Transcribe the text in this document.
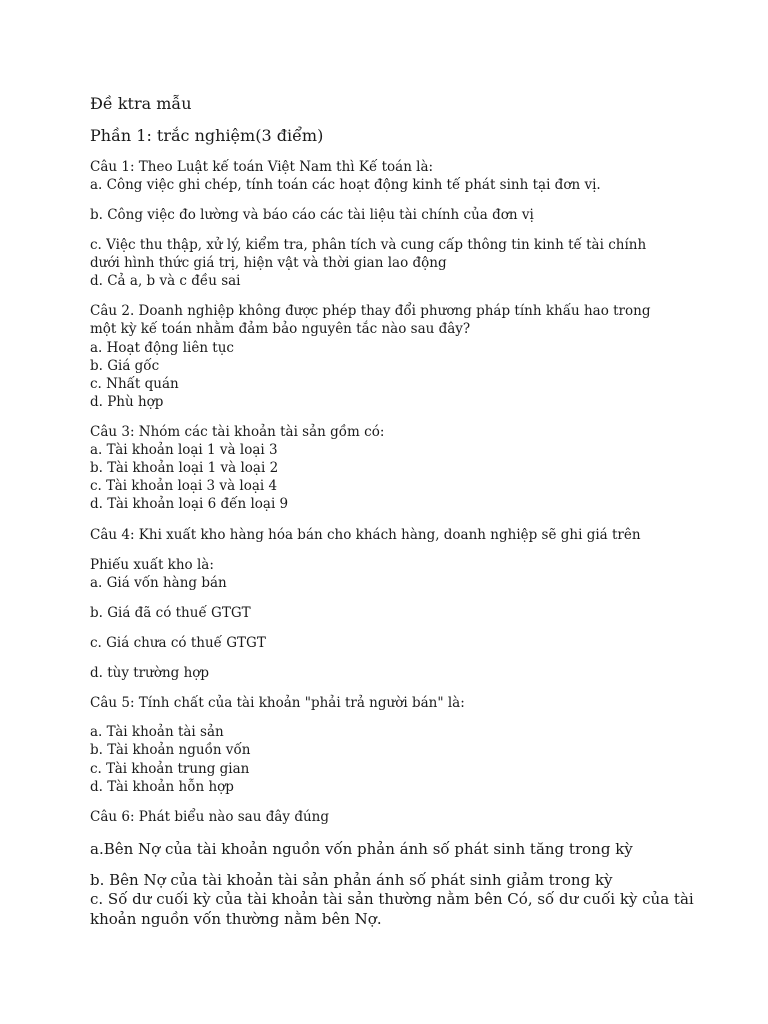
Đề ktra mẫu
Phần 1: trắc nghiệm(3 điểm)
Câu 1: Theo Luật kế toán Việt Nam thì Kế toán là:
a. Công việc ghi chép, tính toán các hoạt động kinh tế phát sinh tại đơn vị.
b. Công việc đo lường và báo cáo các tài liệu tài chính của đơn vị
c. Việc thu thập, xử lý, kiểm tra, phân tích và cung cấp thông tin kinh tế tài chính
dưới hình thức giá trị, hiện vật và thời gian lao động
d. Cả a, b và c đều sai
Câu 2. Doanh nghiệp không được phép thay đổi phương pháp tính khấu hao trong
một kỳ kế toán nhằm đảm bảo nguyên tắc nào sau đây?
a. Hoạt động liên tục
b. Giá gốc
c. Nhất quán
d. Phù hợp
Câu 3: Nhóm các tài khoản tài sản gồm có:
a. Tài khoản loại 1 và loại 3
b. Tài khoản loại 1 và loại 2
c. Tài khoản loại 3 và loại 4
d. Tài khoản loại 6 đến loại 9
Câu 4: Khi xuất kho hàng hóa bán cho khách hàng, doanh nghiệp sẽ ghi giá trên
Phiếu xuất kho là:
a. Giá vốn hàng bán
b. Giá đã có thuế GTGT
c. Giá chưa có thuế GTGT
d. tùy trường hợp
Câu 5: Tính chất của tài khoản "phải trả người bán" là:
a. Tài khoản tài sản
b. Tài khoản nguồn vốn
c. Tài khoản trung gian
d. Tài khoản hỗn hợp
Câu 6: Phát biểu nào sau đây đúng
a.Bên Nợ của tài khoản nguồn vốn phản ánh số phát sinh tăng trong kỳ
b. Bên Nợ của tài khoản tài sản phản ánh số phát sinh giảm trong kỳ
c. Số dư cuối kỳ của tài khoản tài sản thường nằm bên Có, số dư cuối kỳ của tài
khoản nguồn vốn thường nằm bên Nợ.
